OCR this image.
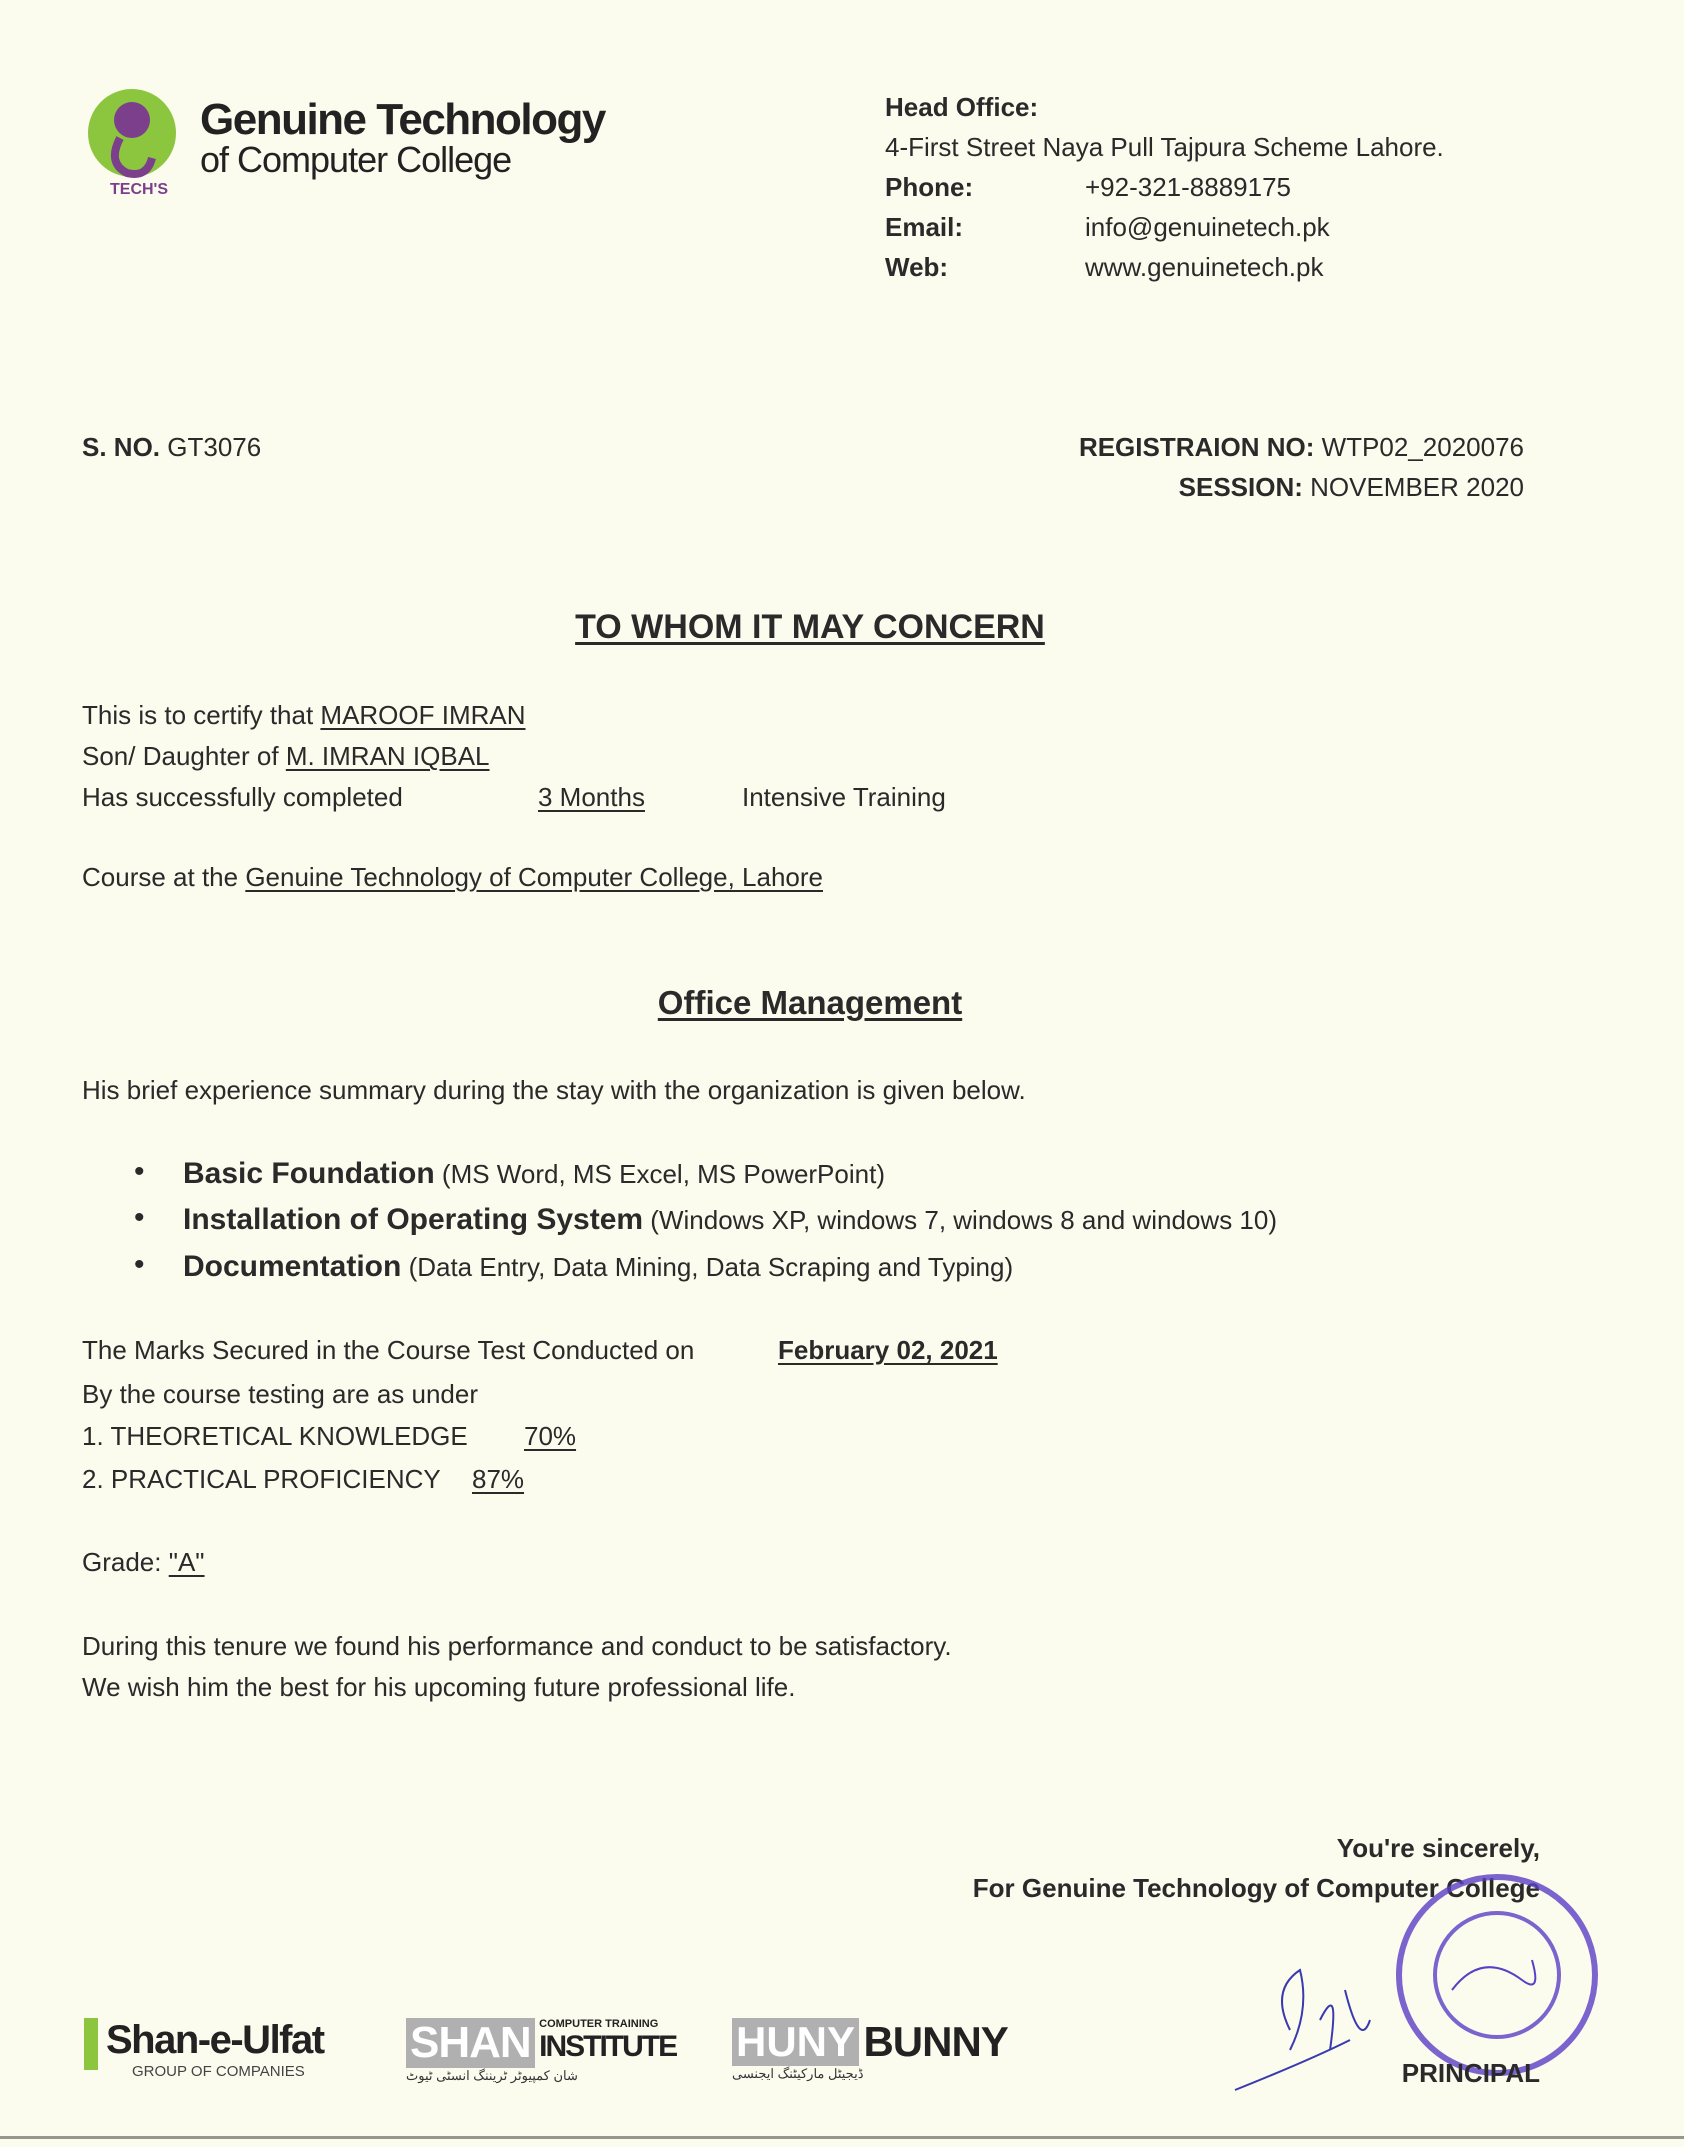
TECH'S
Genuine Technology
of Computer College
Head Office:
4-First Street Naya Pull Tajpura Scheme Lahore.
Phone:	+92-321-8889175
Email:	info@genuinetech.pk
Web:	www.genuinetech.pk
S. NO. GT3076	REGISTRAION NO: WTP02_2020076
SESSION: NOVEMBER 2020
TO WHOM IT MAY CONCERN
This is to certify that MAROOF IMRAN
Son/ Daughter of M. IMRAN IQBAL
Has successfully completed	3 Months	Intensive Training
Course at the Genuine Technology of Computer College, Lahore
Office Management
His brief experience summary during the stay with the organization is given below.
• Basic Foundation (MS Word, MS Excel, MS PowerPoint)
• Installation of Operating System (Windows XP, windows 7, windows 8 and windows 10)
• Documentation (Data Entry, Data Mining, Data Scraping and Typing)
The Marks Secured in the Course Test Conducted on	February 02, 2021
By the course testing are as under
1. THEORETICAL KNOWLEDGE 70%
2. PRACTICAL PROFICIENCY 87%
Grade: "A"
During this tenure we found his performance and conduct to be satisfactory.
We wish him the best for his upcoming future professional life.
You're sincerely,
For Genuine Technology of Computer College
PRINCIPAL
Shan-e-Ulfat
GROUP OF COMPANIES
SHAN COMPUTER TRAINING
INSTITUTE
شان کمپیوٹر ٹریننگ انسٹی ٹیوٹ
HUNY BUNNY
ڈیجیٹل مارکیٹنگ ایجنسی
